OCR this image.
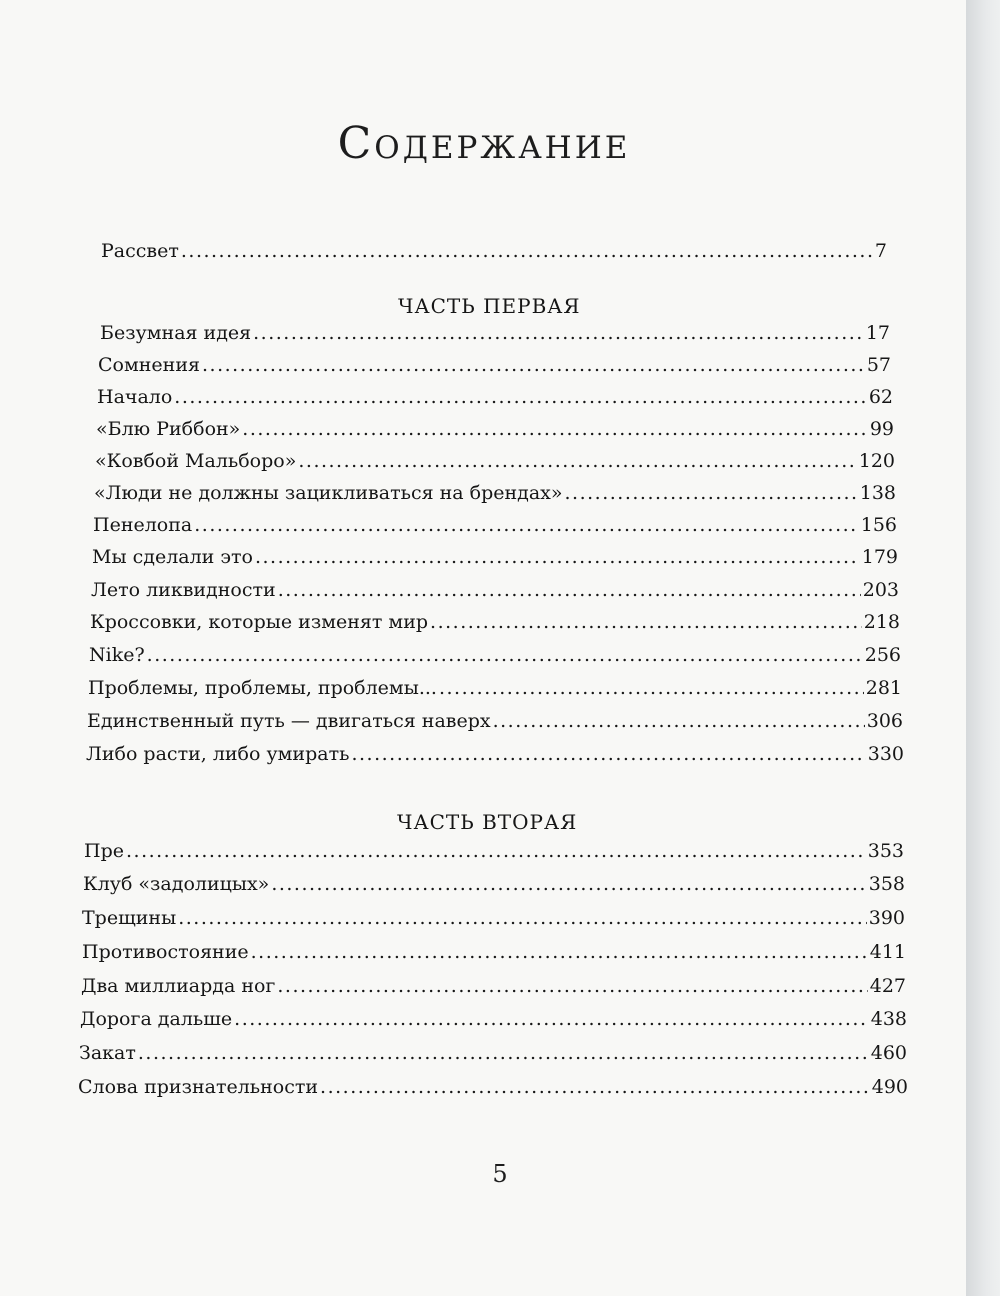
Содержание
Рассвет .....	7
ЧАСТЬ ПЕРВАЯ
Безумная идея .....	17
Сомнения .....	57
Начало .....	62
«Блю Риббон» .....	99
«Ковбой Мальборо» .....	120
«Люди не должны зацикливаться на брендах» .....	138
Пенелопа .....	156
Мы сделали это .....	179
Лето ликвидности .....	203
Кроссовки, которые изменят мир .....	218
Nike? .....	256
Проблемы, проблемы, проблемы... .....	281
Единственный путь — двигаться наверх .....	306
Либо расти, либо умирать .....	330
ЧАСТЬ ВТОРАЯ
Пре .....	353
Клуб «задолицых» .....	358
Трещины .....	390
Противостояние .....	411
Два миллиарда ног .....	427
Дорога дальше .....	438
Закат .....	460
Слова признательности .....	490
5
